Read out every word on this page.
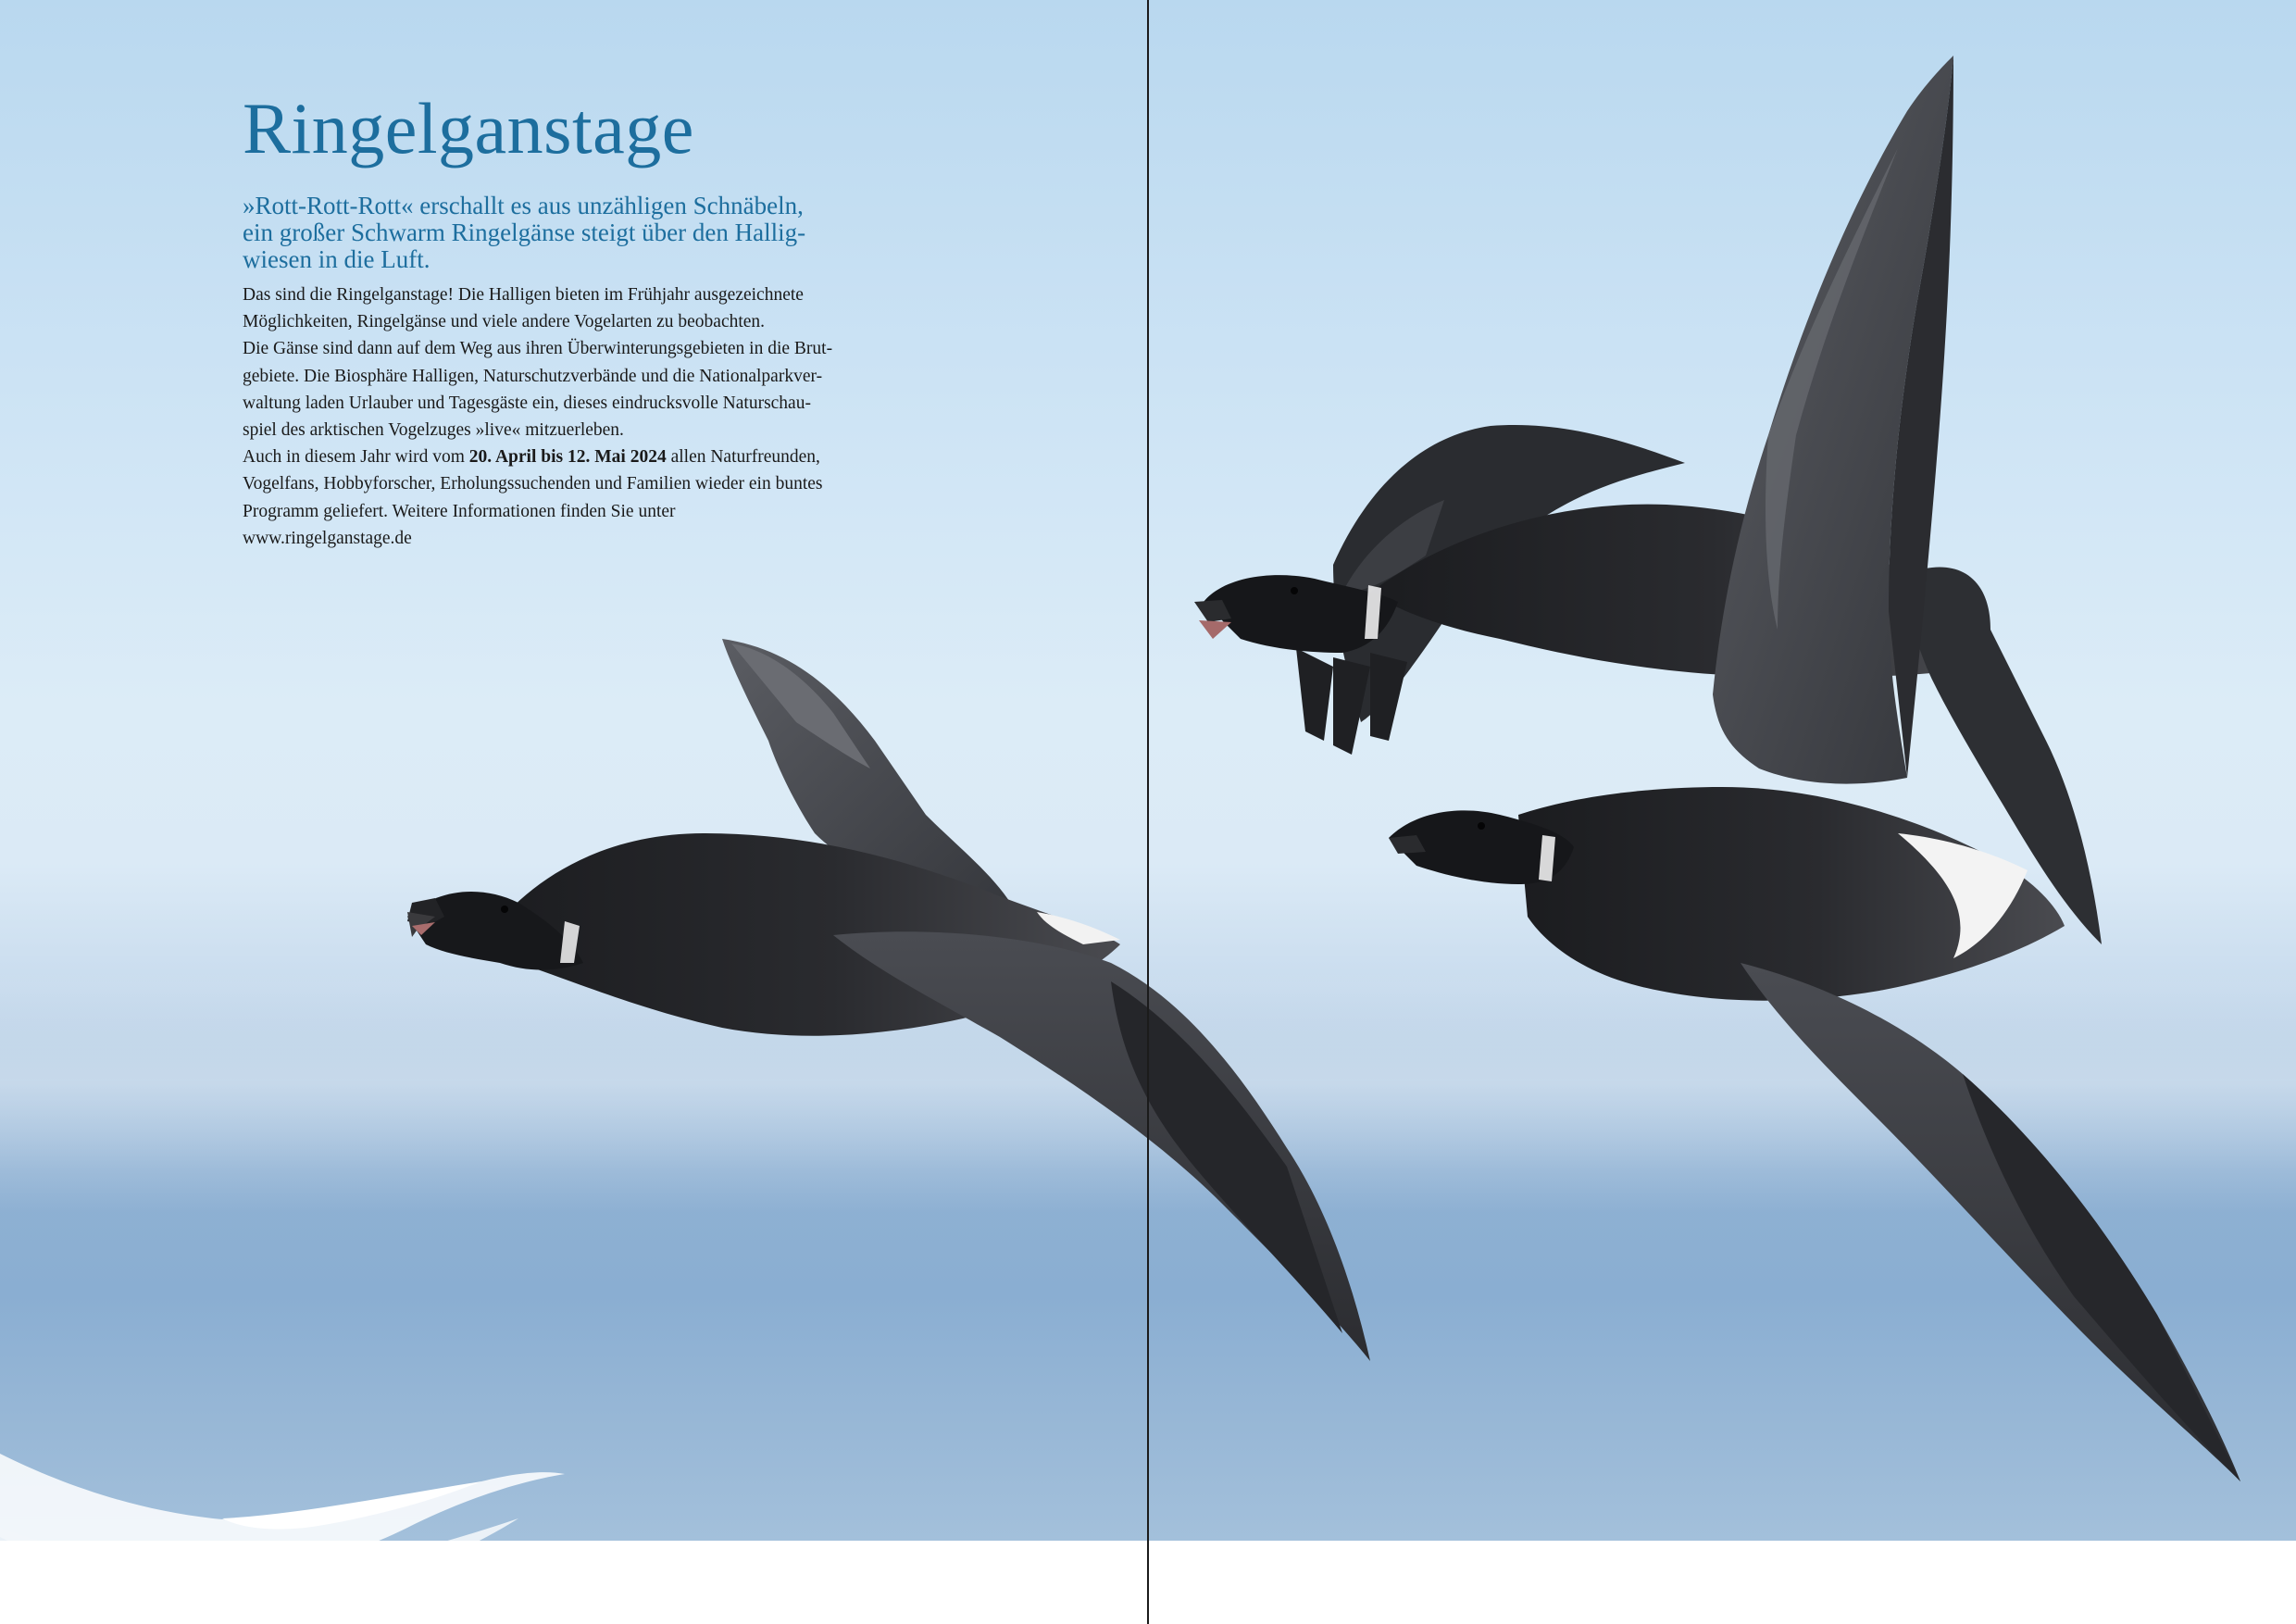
Ringelganstage

»Rott-Rott-Rott« erschallt es aus unzähligen Schnäbeln,
ein großer Schwarm Ringelgänse steigt über den Hallig-
wiesen in die Luft.

Das sind die Ringelganstage! Die Halligen bieten im Frühjahr ausgezeichnete
Möglichkeiten, Ringelgänse und viele andere Vogelarten zu beobachten.
Die Gänse sind dann auf dem Weg aus ihren Überwinterungsgebieten in die Brut-
gebiete. Die Biosphäre Halligen, Naturschutzverbände und die Nationalparkver-
waltung laden Urlauber und Tagesgäste ein, dieses eindrucksvolle Naturschau-
spiel des arktischen Vogelzuges »live« mitzuerleben.
Auch in diesem Jahr wird vom 20. April bis 12. Mai 2024 allen Naturfreunden,
Vogelfans, Hobbyforscher, Erholungssuchenden und Familien wieder ein buntes
Programm geliefert. Weitere Informationen finden Sie unter
www.ringelganstage.de
